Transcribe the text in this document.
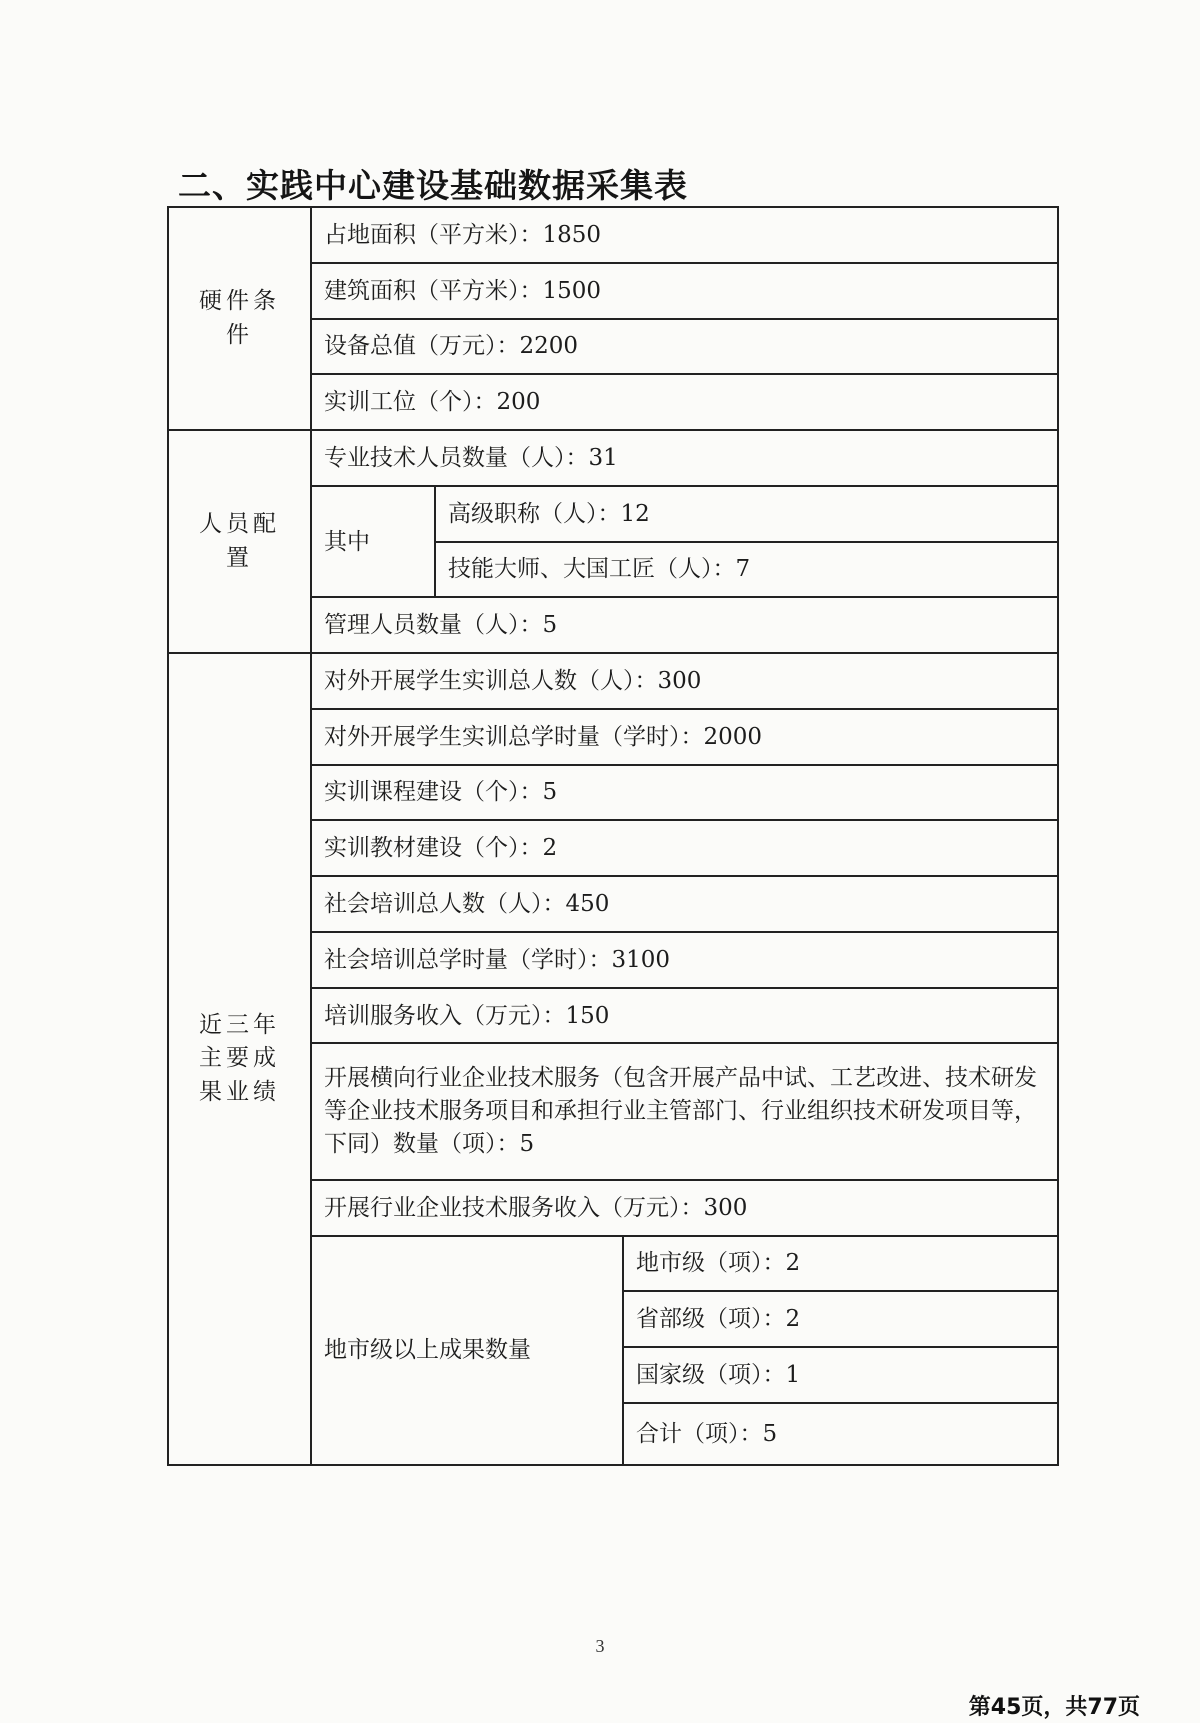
二、实践中心建设基础数据采集表
硬件条件	占地面积（平方米）：1850		
	建筑面积（平方米）：1500		
	设备总值（万元）：2200		
	实训工位（个）：200		

人员配置	专业技术人员数量（人）：31		
	其中	高级职称（人）：12	
		技能大师、大国工匠（人）：7	
	管理人员数量（人）：5		

近三年主要成果业绩	对外开展学生实训总人数（人）：300		
	对外开展学生实训总学时量（学时）：2000		
	实训课程建设（个）：5		
	实训教材建设（个）：2		
	社会培训总人数（人）：450		
	社会培训总学时量（学时）：3100		
	培训服务收入（万元）：150		
	开展横向行业企业技术服务（包含开展产品中试、工艺改进、技术研发等企业技术服务项目和承担行业主管部门、行业组织技术研发项目等，下同）数量（项）：5		
	开展行业企业技术服务收入（万元）：300		
	地市级以上成果数量		地市级（项）：2
			省部级（项）：2
			国家级（项）：1
			合计（项）：5
3
第45页，共77页
